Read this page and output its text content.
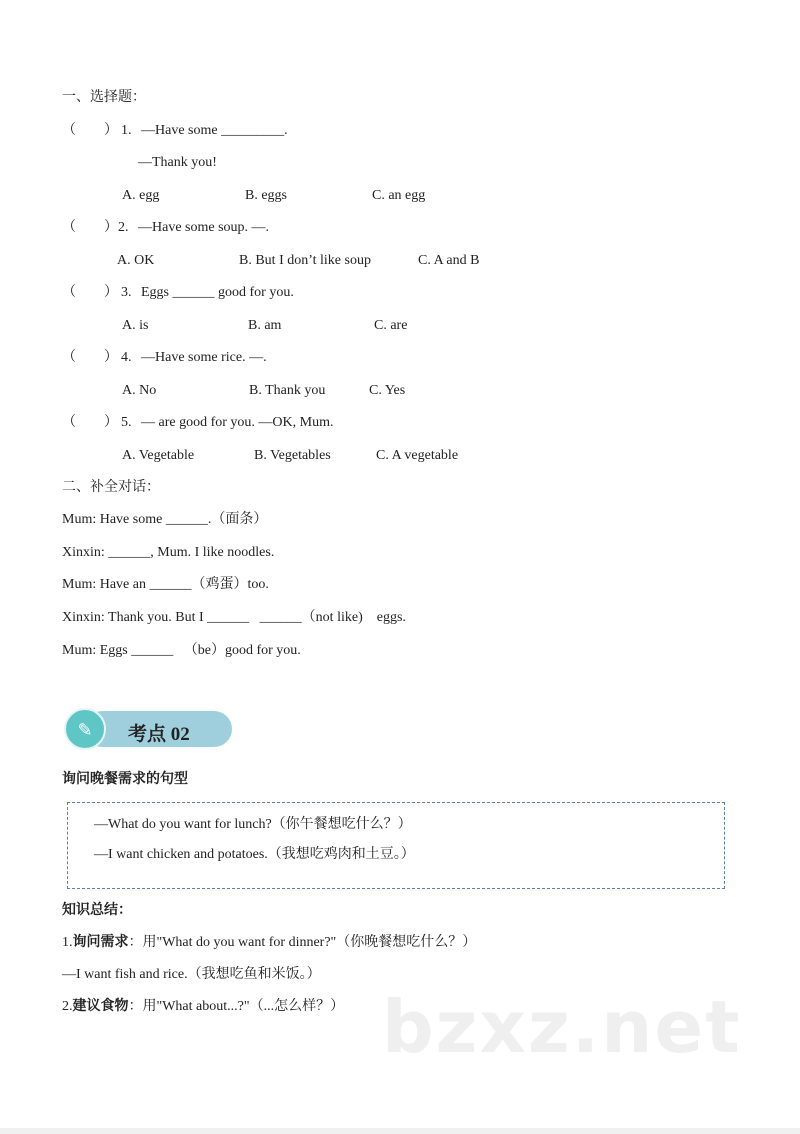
一、选择题：
（　　） 1. —Have some _________.
—Thank you!
A. egg	B. eggs	C. an egg
（　　） 2. —Have some soup. —.
A. OK	B. But I don’t like soup	C. A and B
（　　） 3. Eggs ______ good for you.
A. is	B. am	C. are
（　　） 4. —Have some rice. —.
A. No	B. Thank you	C. Yes
（　　） 5. — are good for you. —OK, Mum.
A. Vegetable	B. Vegetables	C. A vegetable
二、补全对话：
Mum: Have some ______.（面条）
Xinxin: ______, Mum. I like noodles.
Mum: Have an ______（鸡蛋）too.
Xinxin: Thank you. But I ______   ______（not like)    eggs.
Mum: Eggs ______   （be）good for you.
✎	考点 02
询问晚餐需求的句型
—What do you want for lunch?（你午餐想吃什么？）
—I want chicken and potatoes.（我想吃鸡肉和土豆。）
知识总结：
1.询问需求：用"What do you want for dinner?"（你晚餐想吃什么？）
—I want fish and rice.（我想吃鱼和米饭。）
2.建议食物：用"What about...?"（...怎么样？） bzxz.net
